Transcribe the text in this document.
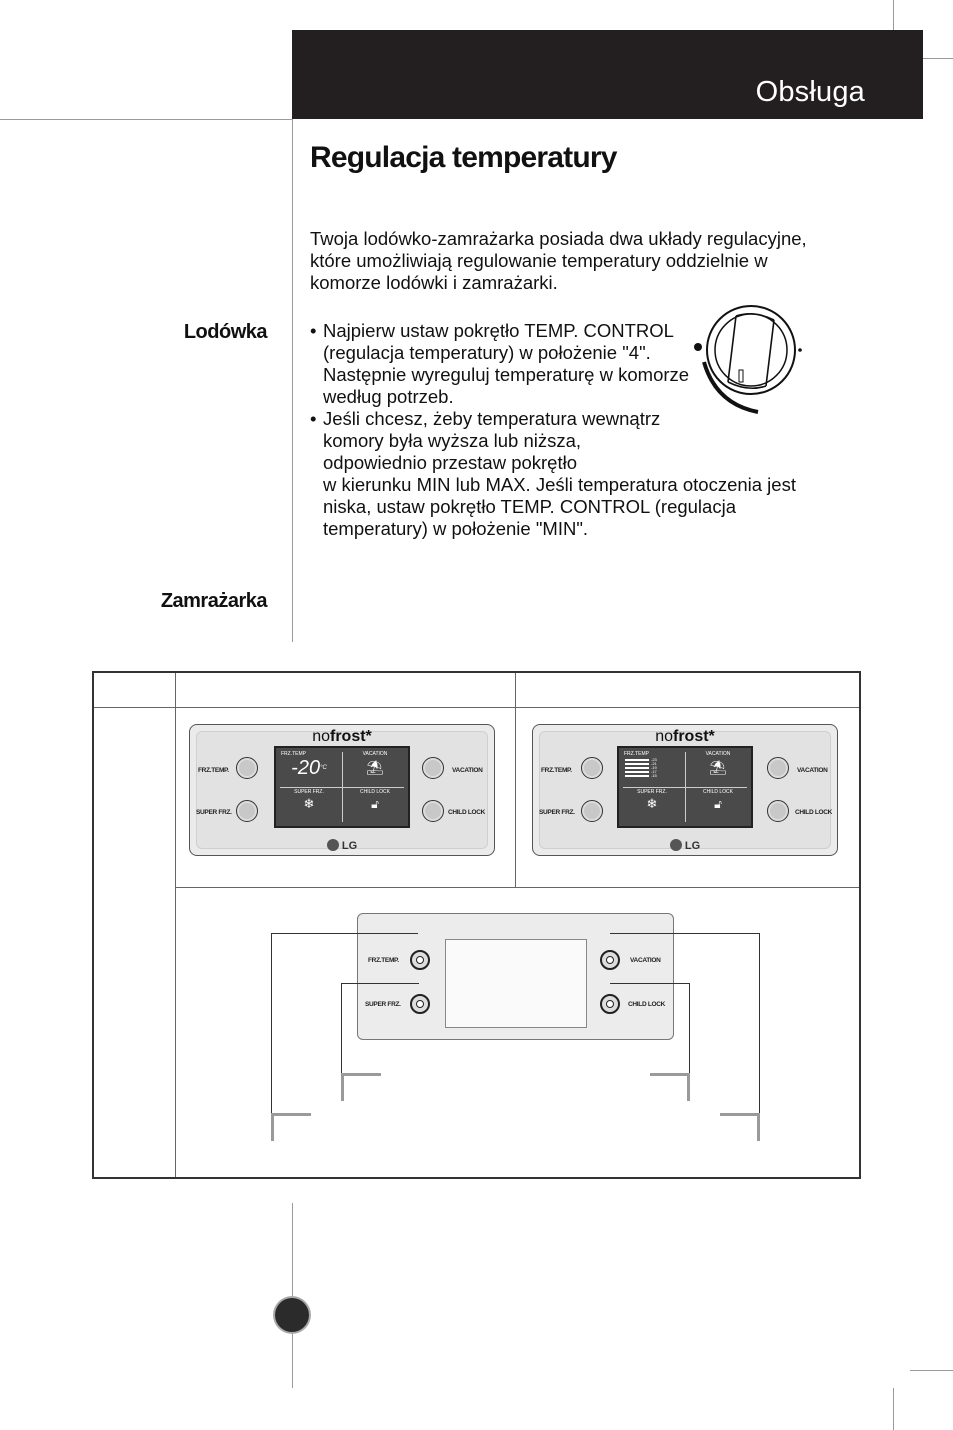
Obsługa
Regulacja temperatury

Twoja lodówko-zamrażarka posiada dwa układy regulacyjne, które umożliwiają regulowanie temperatury oddzielnie w komorze lodówki i zamrażarki.

Lodówka
Zamrażarka
• Najpierw ustaw pokrętło TEMP. CONTROL (regulacja temperatury) w położenie "4". Następnie wyreguluj temperaturę w komorze według potrzeb.
• Jeśli chcesz, żeby temperatura wewnątrz komory była wyższa lub niższa, odpowiednio przestaw pokrętło
w kierunku MIN lub MAX. Jeśli temperatura otoczenia jest niska, ustaw pokrętło TEMP. CONTROL (regulacja temperatury) w położenie "MIN".
nofrost*
FRZ.TEMP.
SUPER FRZ.
FRZ.TEMP
$-20^{^\circ C}$
VACATION
⛱
SUPER FRZ.
❄
CHILD LOCK
🔓︎
VACATION
CHILD LOCK
LG
nofrost*
FRZ.TEMP.
SUPER FRZ.
FRZ.TEMP
-23
-21
-19
-17
-15
VACATION
⛱
SUPER FRZ.
❄
CHILD LOCK
🔓︎
VACATION
CHILD LOCK
LG
FRZ.TEMP.
SUPER FRZ.
VACATION
CHILD LOCK
